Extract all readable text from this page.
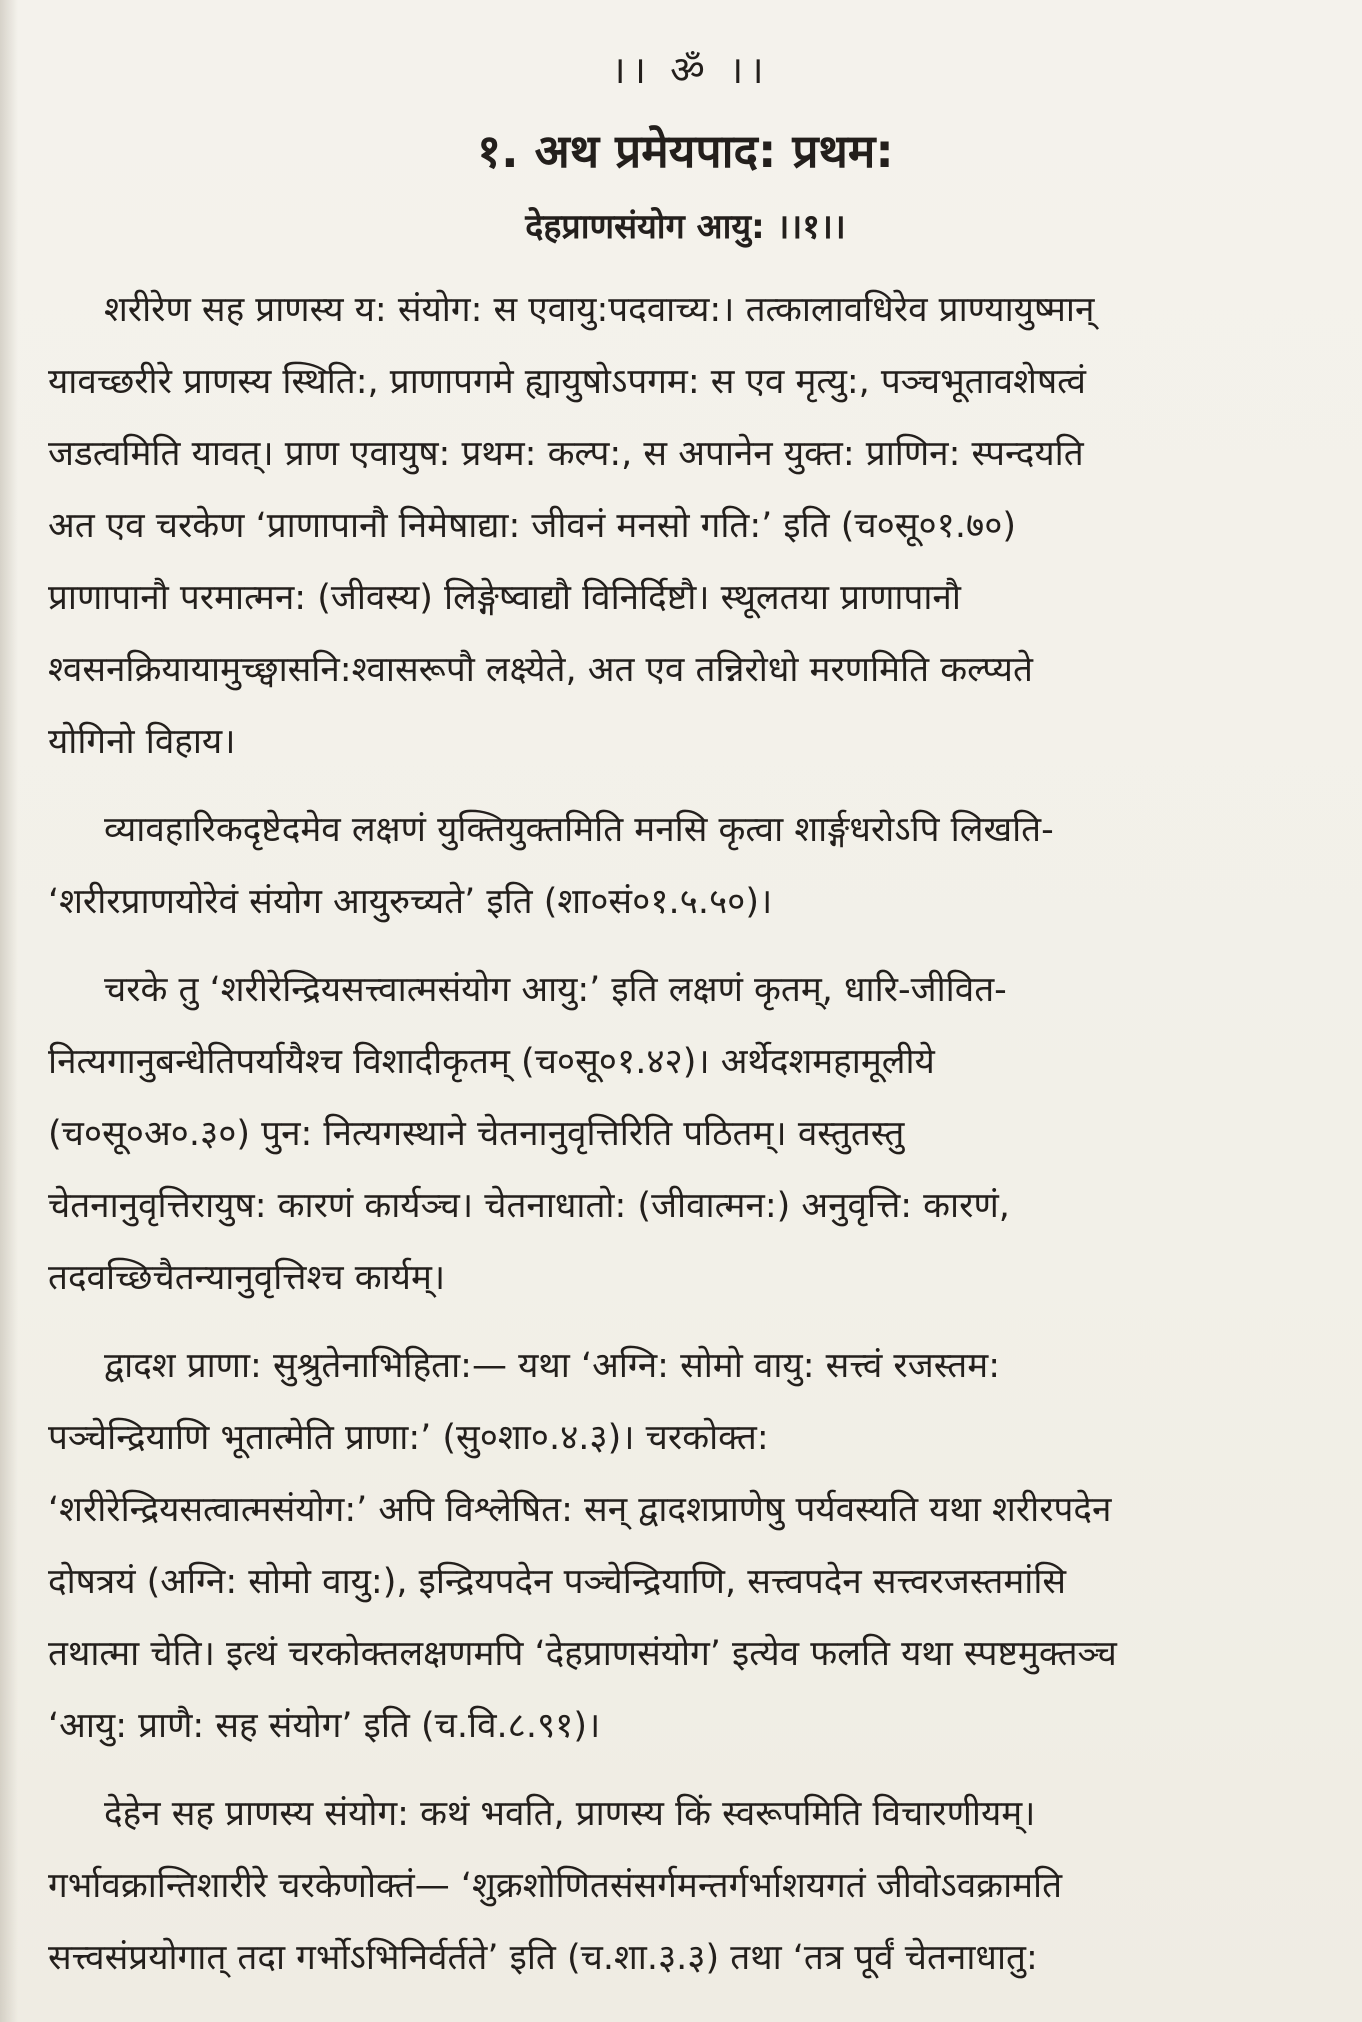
।। ॐ ।।
१. अथ प्रमेयपाद: प्रथम:
देहप्राणसंयोग आयु: ।।१।।
शरीरेण सह प्राणस्य य: संयोग: स एवायु:पदवाच्य:। तत्कालावधिरेव प्राण्यायुष्मान्
यावच्छरीरे प्राणस्य स्थिति:, प्राणापगमे ह्यायुषोऽपगम: स एव मृत्यु:, पञ्चभूतावशेषत्वं
जडत्वमिति यावत्। प्राण एवायुष: प्रथम: कल्प:, स अपानेन युक्त: प्राणिन: स्पन्दयति
अत एव चरकेण ‘प्राणापानौ निमेषाद्या: जीवनं मनसो गति:’ इति (च०सू०१.७०)
प्राणापानौ परमात्मन: (जीवस्य) लिङ्गेष्वाद्यौ विनिर्दिष्टौ। स्थूलतया प्राणापानौ
श्वसनक्रियायामुच्छ्वासनि:श्वासरूपौ लक्ष्येते, अत एव तन्निरोधो मरणमिति कल्प्यते
योगिनो विहाय।
व्यावहारिकदृष्टेदमेव लक्षणं युक्तियुक्तमिति मनसि कृत्वा शार्ङ्गधरोऽपि लिखति-
‘शरीरप्राणयोरेवं संयोग आयुरुच्यते’ इति (शा०सं०१.५.५०)।
चरके तु ‘शरीरेन्द्रियसत्त्वात्मसंयोग आयु:’ इति लक्षणं कृतम्, धारि-जीवित-
नित्यगानुबन्धेतिपर्यायैश्च विशादीकृतम् (च०सू०१.४२)। अर्थेदशमहामूलीये
(च०सू०अ०.३०) पुन: नित्यगस्थाने चेतनानुवृत्तिरिति पठितम्। वस्तुतस्तु
चेतनानुवृत्तिरायुष: कारणं कार्यञ्च। चेतनाधातो: (जीवात्मन:) अनुवृत्ति: कारणं,
तदवच्छिचैतन्यानुवृत्तिश्च कार्यम्।
द्वादश प्राणा: सुश्रुतेनाभिहिता:— यथा ‘अग्नि: सोमो वायु: सत्त्वं रजस्तम:
पञ्चेन्द्रियाणि भूतात्मेति प्राणा:’ (सु०शा०.४.३)। चरकोक्त:
‘शरीरेन्द्रियसत्वात्मसंयोग:’ अपि विश्लेषित: सन् द्वादशप्राणेषु पर्यवस्यति यथा शरीरपदेन
दोषत्रयं (अग्नि: सोमो वायु:), इन्द्रियपदेन पञ्चेन्द्रियाणि, सत्त्वपदेन सत्त्वरजस्तमांसि
तथात्मा चेति। इत्थं चरकोक्तलक्षणमपि ‘देहप्राणसंयोग’ इत्येव फलति यथा स्पष्टमुक्तञ्च
‘आयु: प्राणै: सह संयोग’ इति (च.वि.८.९१)।
देहेन सह प्राणस्य संयोग: कथं भवति, प्राणस्य किं स्वरूपमिति विचारणीयम्।
गर्भावक्रान्तिशारीरे चरकेणोक्तं— ‘शुक्रशोणितसंसर्गमन्तर्गर्भाशयगतं जीवोऽवक्रामति
सत्त्वसंप्रयोगात् तदा गर्भोऽभिनिर्वर्तते’ इति (च.शा.३.३) तथा ‘तत्र पूर्वं चेतनाधातु:
